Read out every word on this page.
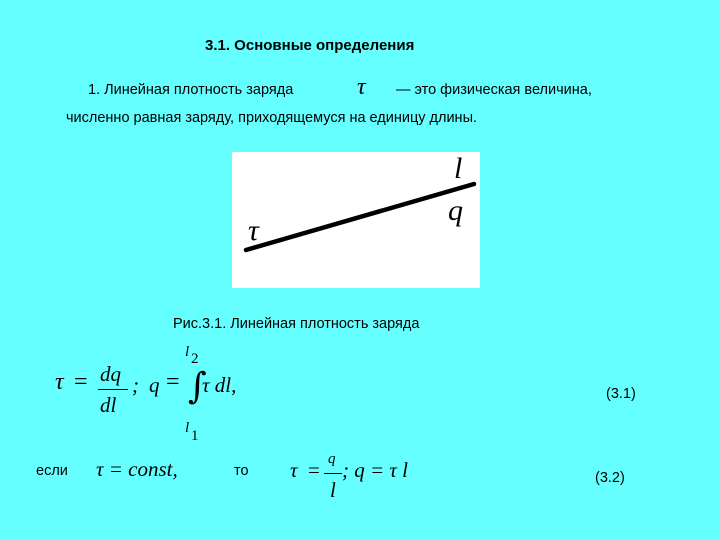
3.1. Основные определения
1. Линейная плотность заряда	τ — это физическая величина,
численно равная заряду, приходящемуся на единицу длины.
l
q
τ
Рис.3.1. Линейная плотность заряда
τ = dq
dl
; q =
l 2
∫
l 1
τ dl,	(3.1)
если τ = const,	то τ = q
l
; q = τ l	(3.2)
